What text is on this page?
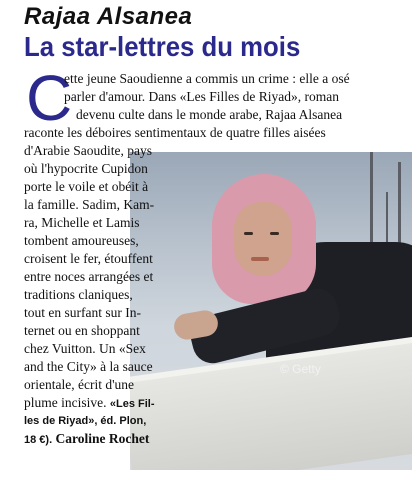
Rajaa Alsanea
La star-lettres du mois
© Getty
C
ette jeune Saoudienne a commis un crime : elle a osé
parler d'amour. Dans «Les Filles de Riyad», roman
devenu culte dans le monde arabe, Rajaa Alsanea
raconte les déboires sentimentaux de quatre filles aisées
d'Arabie Saoudite, pays
où l'hypocrite Cupidon
porte le voile et obéit à
la famille. Sadim, Kam-
ra, Michelle et Lamis
tombent amoureuses,
croisent le fer, étouffent
entre noces arrangées et
traditions claniques,
tout en surfant sur In-
ternet ou en shoppant
chez Vuitton. Un «Sex
and the City» à la sauce
orientale, écrit d'une
plume incisive. «Les Fil-
les de Riyad», éd. Plon,
18 €). Caroline Rochet
